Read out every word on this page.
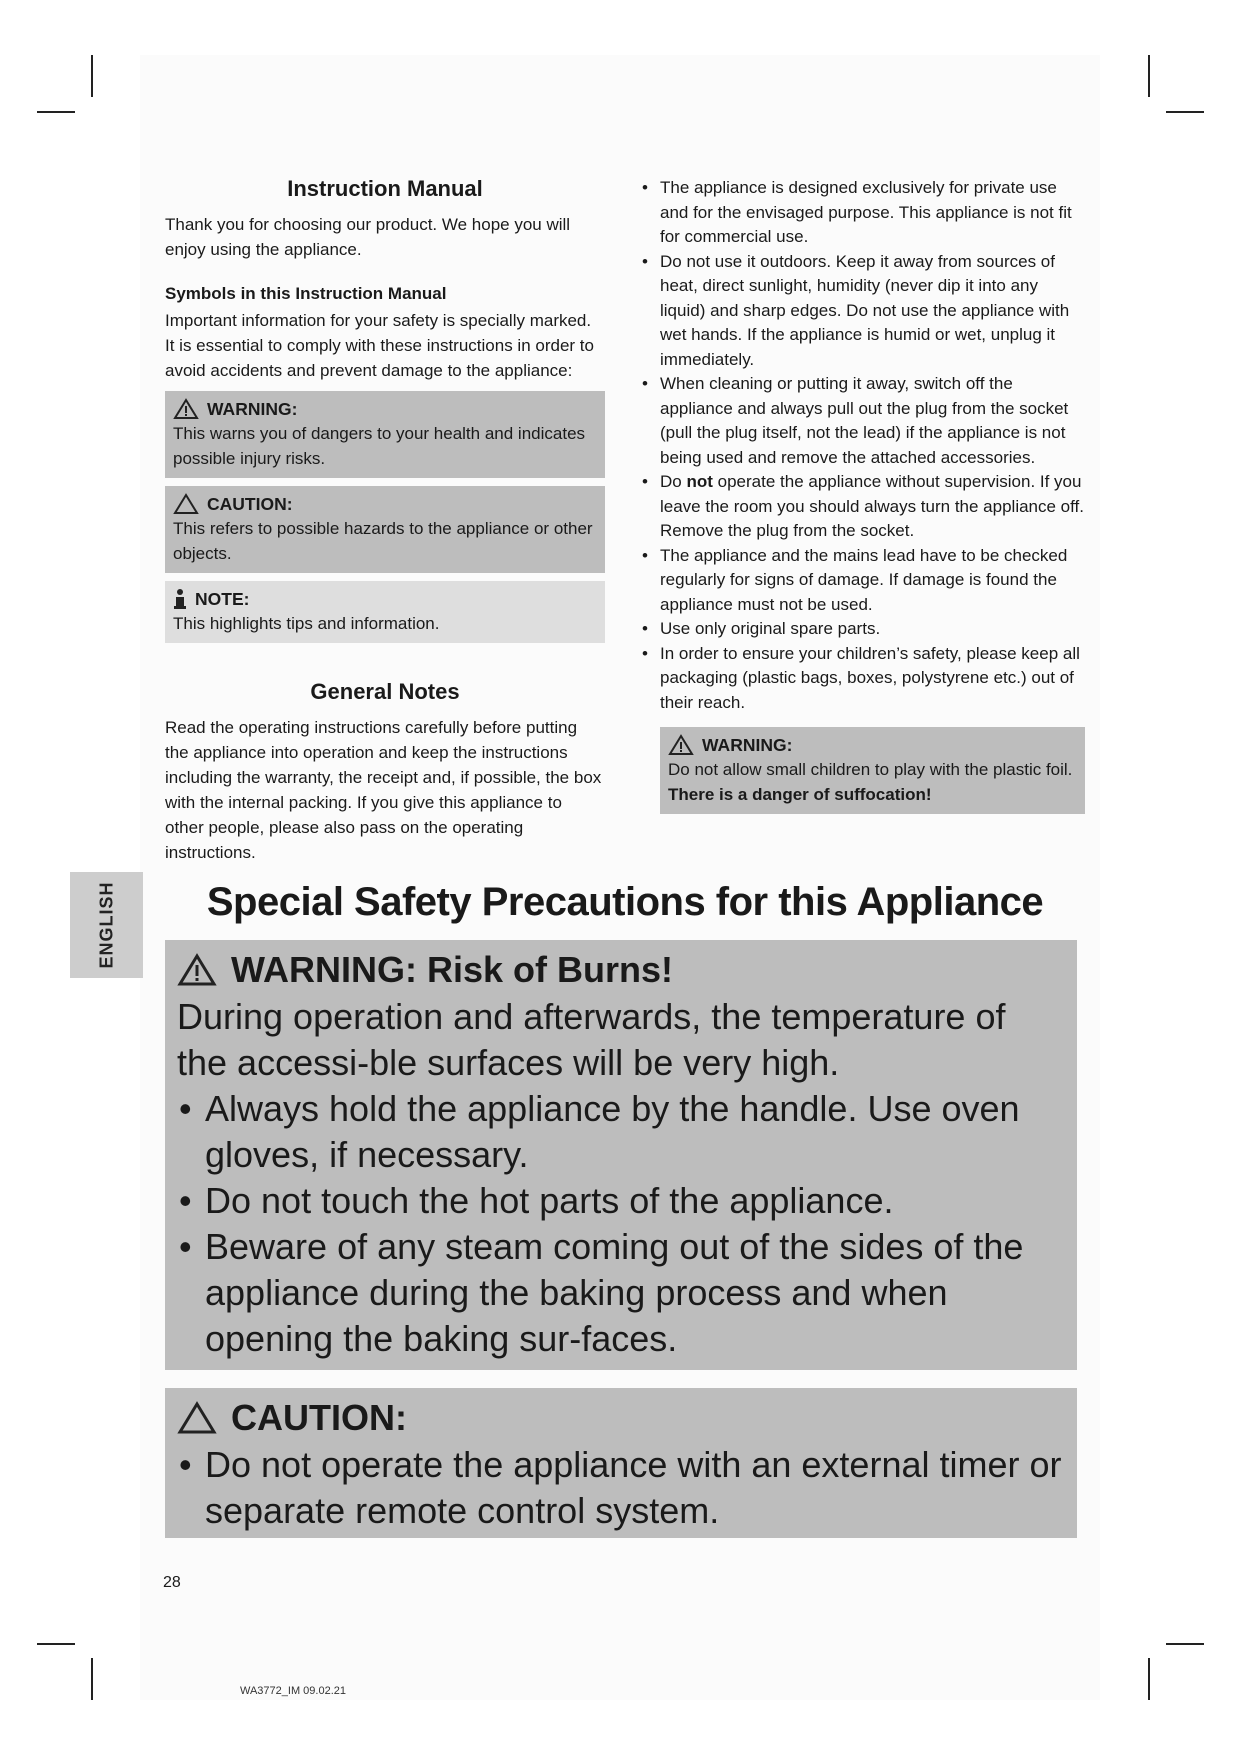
ENGLISH
Instruction Manual

Thank you for choosing our product. We hope you will enjoy using the appliance.

Symbols in this Instruction Manual

Important information for your safety is specially marked. It is essential to comply with these instructions in order to avoid accidents and prevent damage to the appliance:

WARNING:
This warns you of dangers to your health and indicates possible injury risks.
CAUTION:
This refers to possible hazards to the appliance or other objects.
NOTE:
This highlights tips and information.
General Notes

Read the operating instructions carefully before putting the appliance into operation and keep the instructions including the warranty, the receipt and, if possible, the box with the internal packing. If you give this appliance to other people, please also pass on the operating instructions.

• The appliance is designed exclusively for private use and for the envisaged purpose. This appliance is not fit for commercial use.
• Do not use it outdoors. Keep it away from sources of heat, direct sunlight, humidity (never dip it into any liquid) and sharp edges. Do not use the appliance with wet hands. If the appliance is humid or wet, unplug it immediately.
• When cleaning or putting it away, switch off the appliance and always pull out the plug from the socket (pull the plug itself, not the lead) if the appliance is not being used and remove the attached accessories.
• Do not operate the appliance without supervision. If you leave the room you should always turn the appliance off. Remove the plug from the socket.
• The appliance and the mains lead have to be checked regularly for signs of damage. If damage is found the appliance must not be used.
• Use only original spare parts.
• In order to ensure your children’s safety, please keep all packaging (plastic bags, boxes, polystyrene etc.) out of their reach.
WARNING:
Do not allow small children to play with the plastic foil.
There is a danger of suffocation!
Special Safety Precautions for this Appliance
WARNING: Risk of Burns!
During operation and afterwards, the temperature of the accessi-ble surfaces will be very high.
• Always hold the appliance by the handle. Use oven gloves, if necessary.
• Do not touch the hot parts of the appliance.
• Beware of any steam coming out of the sides of the appliance during the baking process and when opening the baking sur-faces.
CAUTION:
• Do not operate the appliance with an external timer or separate remote control system.
28
WA3772_IM 09.02.21
